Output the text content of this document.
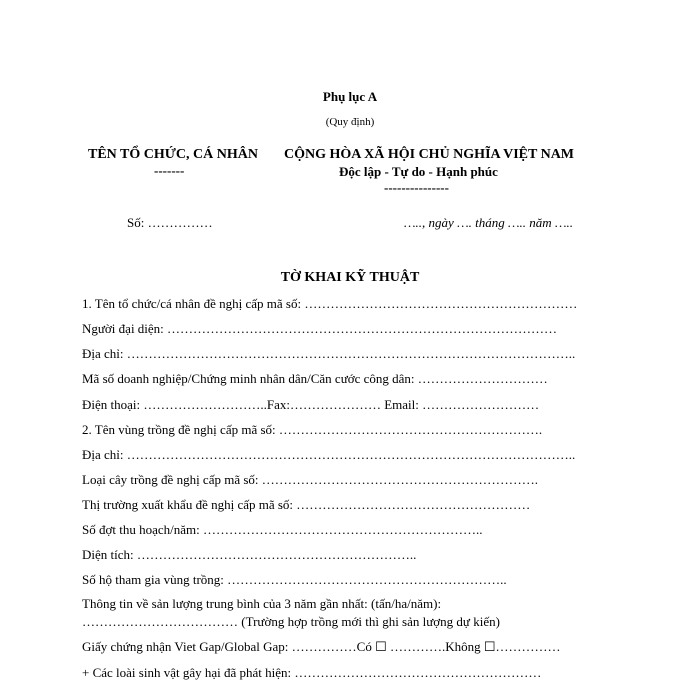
Phụ lục A
(Quy định)
TÊN TỔ CHỨC, CÁ NHÂN
-------
CỘNG HÒA XÃ HỘI CHỦ NGHĨA VIỆT NAM
Độc lập - Tự do - Hạnh phúc
---------------
Số: ……………	….., ngày …. tháng ….. năm …..
TỜ KHAI KỸ THUẬT
1. Tên tổ chức/cá nhân đề nghị cấp mã số: ………………………………………………………
Người đại diện: ………………………………………………………………………………
Địa chỉ: …………………………………………………………………………………………..
Mã số doanh nghiệp/Chứng minh nhân dân/Căn cước công dân: …………………………
Điện thoại: ………………………..Fax:………………… Email: ………………………
2. Tên vùng trồng đề nghị cấp mã số: …………………………………………………….
Địa chỉ: …………………………………………………………………………………………..
Loại cây trồng đề nghị cấp mã số: ……………………………………………………….
Thị trường xuất khẩu đề nghị cấp mã số: ………………………………………………
Số đợt thu hoạch/năm: ………………………………………………………..
Diện tích: ………………………………………………………..
Số hộ tham gia vùng trồng: ………………………………………………………..
Thông tin về sản lượng trung bình của 3 năm gần nhất: (tấn/ha/năm):
……………………………… (Trường hợp trồng mới thì ghi sản lượng dự kiến)
Giấy chứng nhận Viet Gap/Global Gap: ……………Có ☐ ………….Không ☐……………
+ Các loài sinh vật gây hại đã phát hiện: …………………………………………………
